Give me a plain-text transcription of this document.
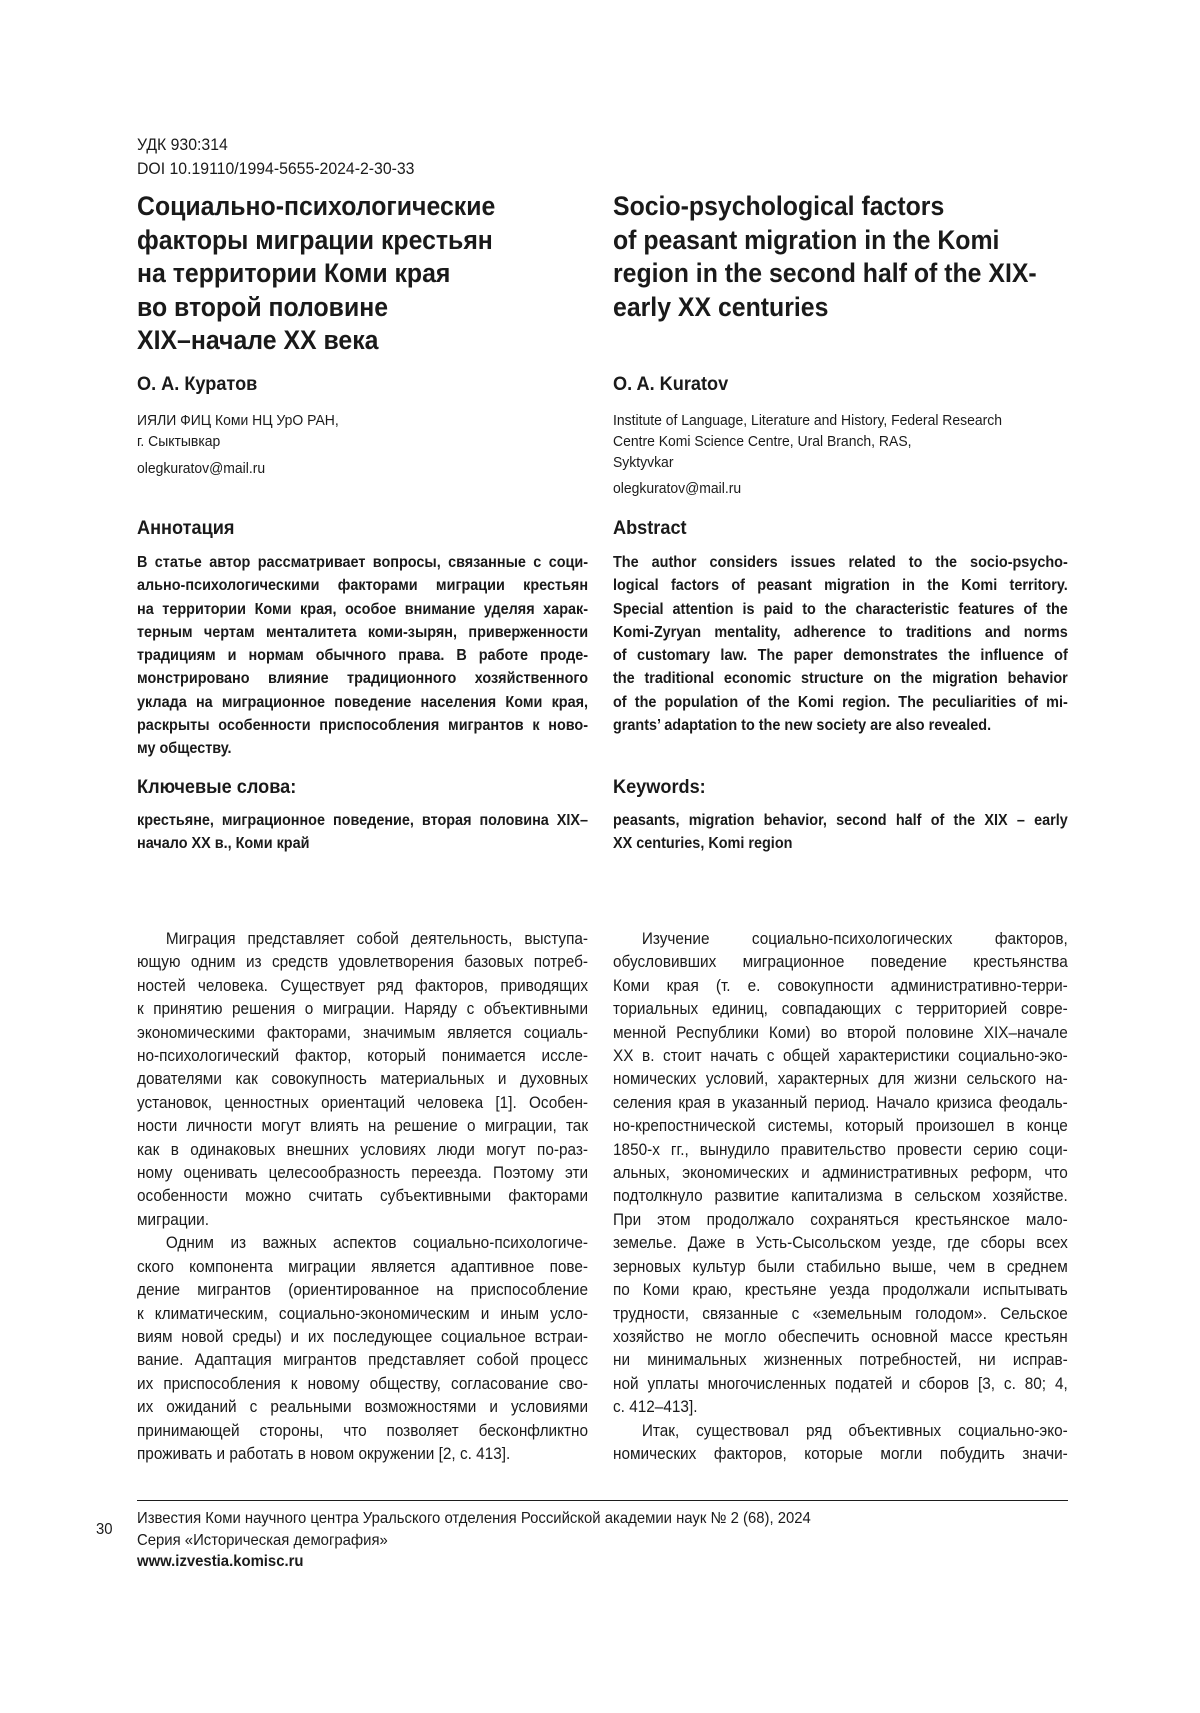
УДК 930:314
DOI 10.19110/1994-5655-2024-2-30-33
Социально-психологические
факторы миграции крестьян
на территории Коми края
во второй половине
XIX–начале XX века
Socio-psychological factors
of peasant migration in the Komi
region in the second half of the XIX-
early XX centuries
О. А. Куратов	O. A. Kuratov
ИЯЛИ ФИЦ Коми НЦ УрО РАН,
г. Сыктывкар
olegkuratov@mail.ru
Institute of Language, Literature and History, Federal Research
Centre Komi Science Centre, Ural Branch, RAS,
Syktyvkar
olegkuratov@mail.ru
Аннотация	Abstract
В статье автор рассматривает вопросы, связанные с соци-
ально-психологическими факторами миграции крестьян
на территории Коми края, особое внимание уделяя харак-
терным чертам менталитета коми-зырян, приверженности
традициям и нормам обычного права. В работе проде-
монстрировано влияние традиционного хозяйственного
уклада на миграционное поведение населения Коми края,
раскрыты особенности приспособления мигрантов к ново-
му обществу.
The author considers issues related to the socio-psycho-
logical factors of peasant migration in the Komi territory.
Special attention is paid to the characteristic features of the
Komi-Zyryan mentality, adherence to traditions and norms
of customary law. The paper demonstrates the influence of
the traditional economic structure on the migration behavior
of the population of the Komi region. The peculiarities of mi-
grants’ adaptation to the new society are also revealed.
Ключевые слова:	Keywords:
крестьяне, миграционное поведение, вторая половина XIX–
начало XX в., Коми край
peasants, migration behavior, second half of the XIX – early
XX centuries, Komi region
Миграция представляет собой деятельность, выступа-
ющую одним из средств удовлетворения базовых потреб-
ностей человека. Существует ряд факторов, приводящих
к принятию решения о миграции. Наряду с объективными
экономическими факторами, значимым является социаль-
но-психологический фактор, который понимается иссле-
дователями как совокупность материальных и духовных
установок, ценностных ориентаций человека [1]. Особен-
ности личности могут влиять на решение о миграции, так
как в одинаковых внешних условиях люди могут по-раз-
ному оценивать целесообразность переезда. Поэтому эти
особенности можно считать субъективными факторами
миграции.
Одним из важных аспектов социально-психологиче-
ского компонента миграции является адаптивное пове-
дение мигрантов (ориентированное на приспособление
к климатическим, социально-экономическим и иным усло-
виям новой среды) и их последующее социальное встраи-
вание. Адаптация мигрантов представляет собой процесс
их приспособления к новому обществу, согласование сво-
их ожиданий с реальными возможностями и условиями
принимающей стороны, что позволяет бесконфликтно
проживать и работать в новом окружении [2, с. 413].
Изучение социально-психологических факторов,
обусловивших миграционное поведение крестьянства
Коми края (т. е. совокупности административно-терри-
ториальных единиц, совпадающих с территорией совре-
менной Республики Коми) во второй половине XIX–начале
XX в. стоит начать с общей характеристики социально-эко-
номических условий, характерных для жизни сельского на-
селения края в указанный период. Начало кризиса феодаль-
но-крепостнической системы, который произошел в конце
1850-х гг., вынудило правительство провести серию соци-
альных, экономических и административных реформ, что
подтолкнуло развитие капитализма в сельском хозяйстве.
При этом продолжало сохраняться крестьянское мало-
земелье. Даже в Усть-Сысольском уезде, где сборы всех
зерновых культур были стабильно выше, чем в среднем
по Коми краю, крестьяне уезда продолжали испытывать
трудности, связанные с «земельным голодом». Сельское
хозяйство не могло обеспечить основной массе крестьян
ни минимальных жизненных потребностей, ни исправ-
ной уплаты многочисленных податей и сборов [3, с. 80; 4,
с. 412–413].
Итак, существовал ряд объективных социально-эко-
номических факторов, которые могли побудить значи-
Известия Коми научного центра Уральского отделения Российской академии наук № 2 (68), 2024
Серия «Историческая демография»
www.izvestia.komisc.ru
30
